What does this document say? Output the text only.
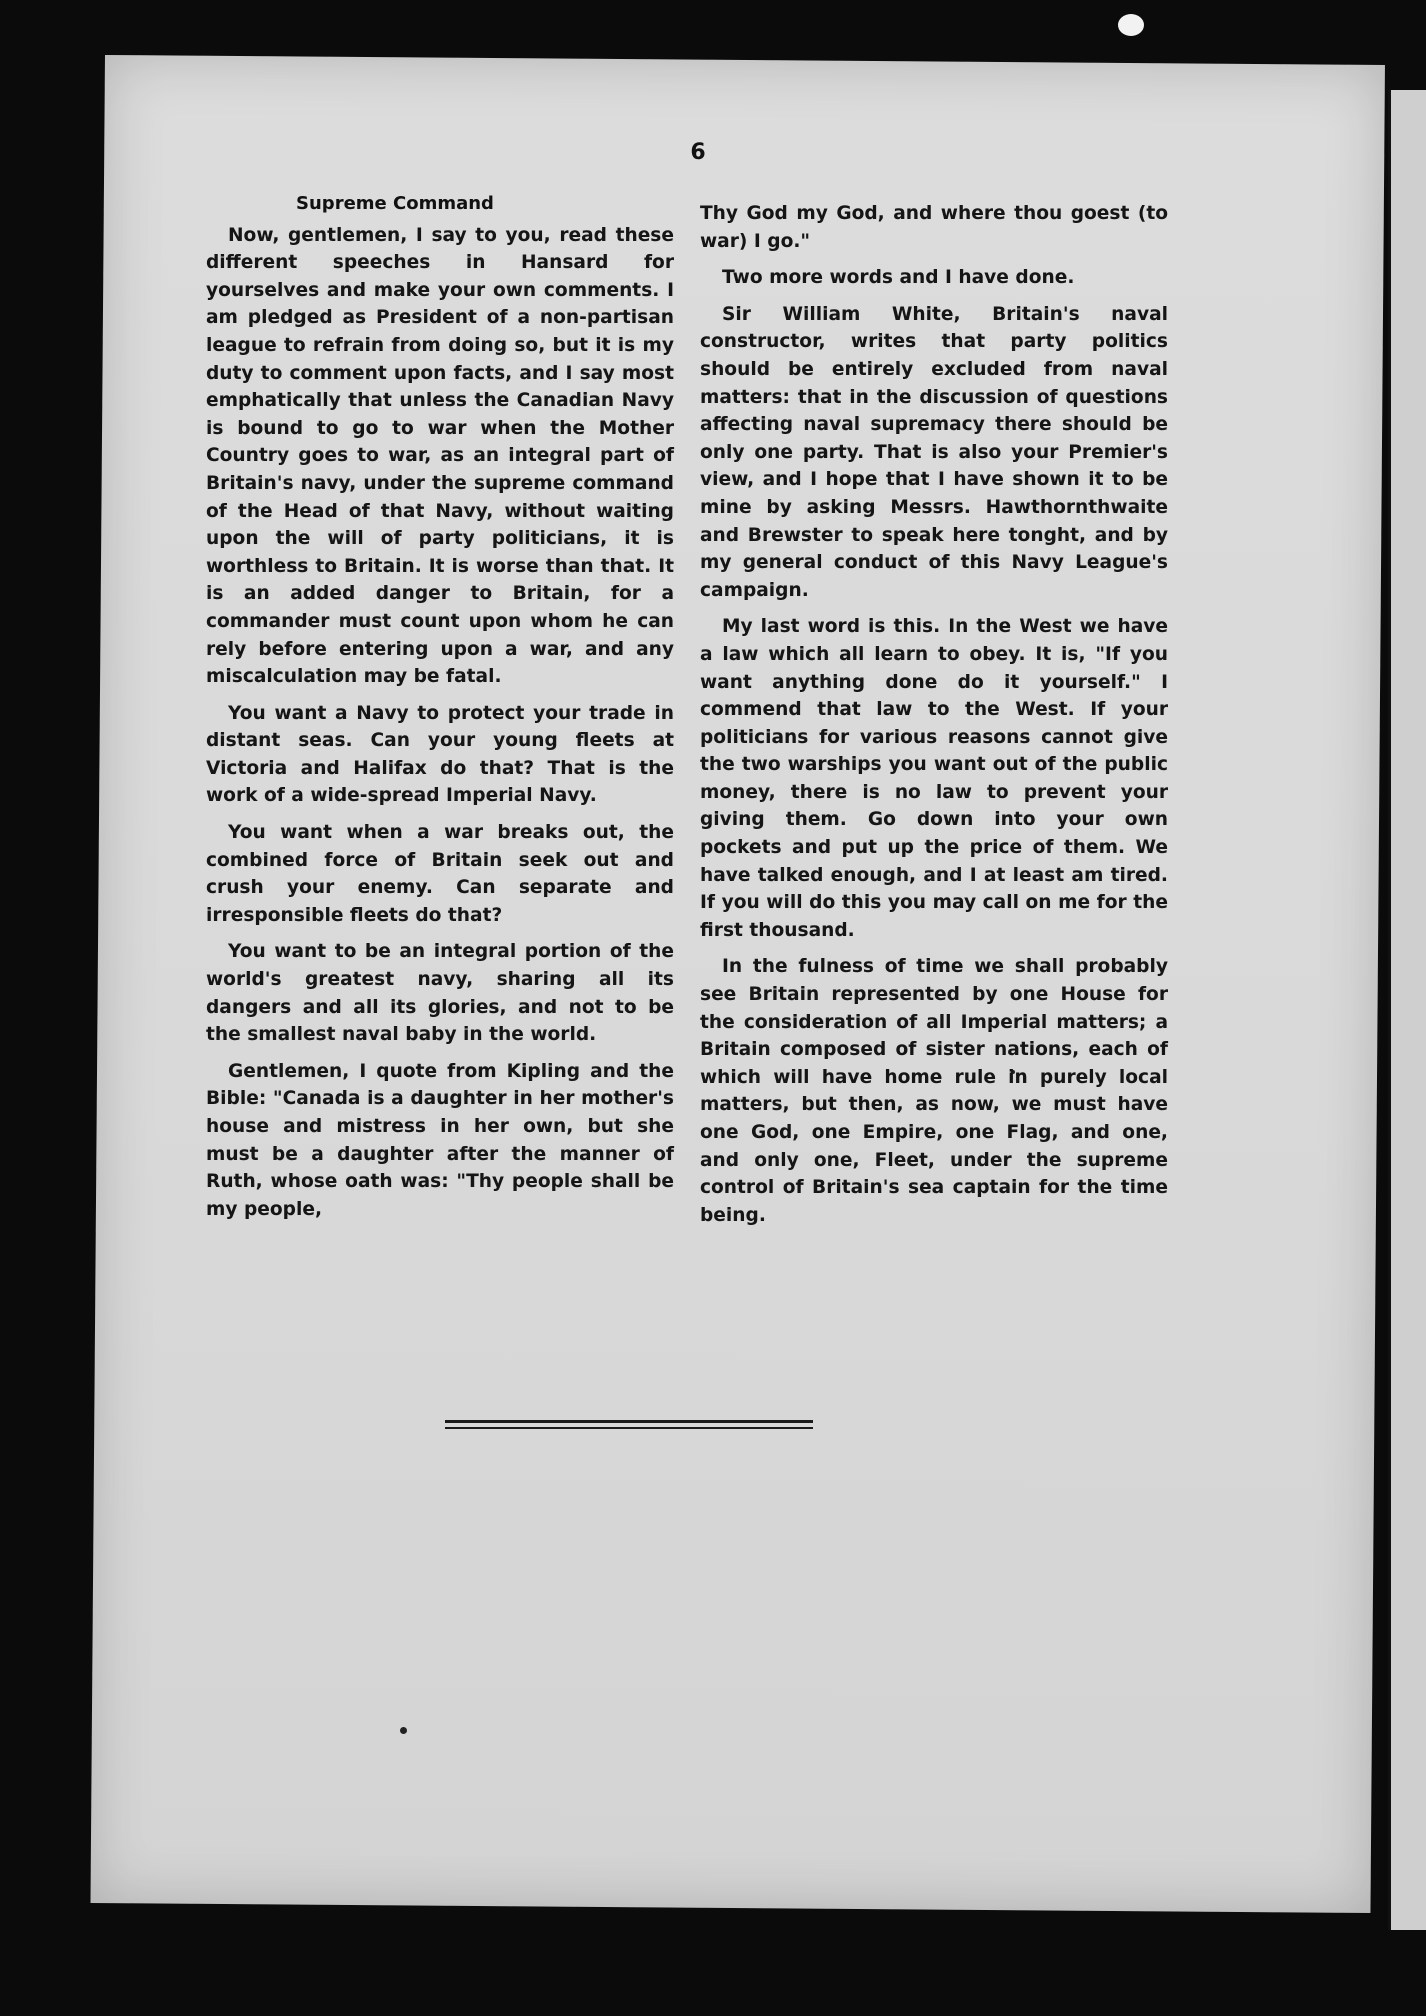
6
Supreme Command

Now, gentlemen, I say to you, read these different speeches in Hansard for yourselves and make your own comments. I am pledged as President of a non-partisan league to refrain from doing so, but it is my duty to comment upon facts, and I say most emphatically that unless the Canadian Navy is bound to go to war when the Mother Country goes to war, as an integral part of Britain's navy, under the supreme command of the Head of that Navy, without waiting upon the will of party politicians, it is worthless to Britain. It is worse than that. It is an added danger to Britain, for a commander must count upon whom he can rely before entering upon a war, and any miscalculation may be fatal.

You want a Navy to protect your trade in distant seas. Can your young fleets at Victoria and Halifax do that? That is the work of a wide-spread Imperial Navy.

You want when a war breaks out, the combined force of Britain seek out and crush your enemy. Can separate and irresponsible fleets do that?

You want to be an integral portion of the world's greatest navy, sharing all its dangers and all its glories, and not to be the smallest naval baby in the world.

Gentlemen, I quote from Kipling and the Bible: "Canada is a daughter in her mother's house and mistress in her own, but she must be a daughter after the manner of Ruth, whose oath was: "Thy people shall be my people,

Thy God my God, and where thou goest (to war) I go."

Two more words and I have done.

Sir William White, Britain's naval constructor, writes that party politics should be entirely excluded from naval matters: that in the discussion of questions affecting naval supremacy there should be only one party. That is also your Premier's view, and I hope that I have shown it to be mine by asking Messrs. Hawthornthwaite and Brewster to speak here tonght, and by my general conduct of this Navy League's campaign.

My last word is this. In the West we have a law which all learn to obey. It is, "If you want anything done do it yourself." I commend that law to the West. If your politicians for various reasons cannot give the two warships you want out of the public money, there is no law to prevent your giving them. Go down into your own pockets and put up the price of them. We have talked enough, and I at least am tired. If you will do this you may call on me for the first thousand.

In the fulness of time we shall probably see Britain represented by one House for the consideration of all Imperial matters; a Britain composed of sister nations, each of which will have home rule in purely local matters, but then, as now, we must have one God, one Empire, one Flag, and one, and only one, Fleet, under the supreme control of Britain's sea captain for the time being.
